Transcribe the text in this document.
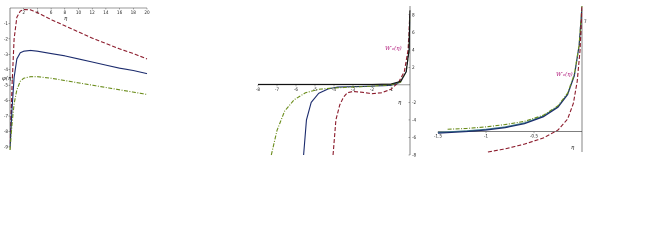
2	4	6	8 10 12 14 16 18 20
-1
-2
-3
-4
-5
-6
-7
-8
-9
φ(η)
η
-8	-7	-6	-5	-4	-3	-2	-1
8
6
4
2
-2
-4
-6
-8
W′₀(η)
η
-1.5	-1	-0.5
7
W′₀(η)
η
